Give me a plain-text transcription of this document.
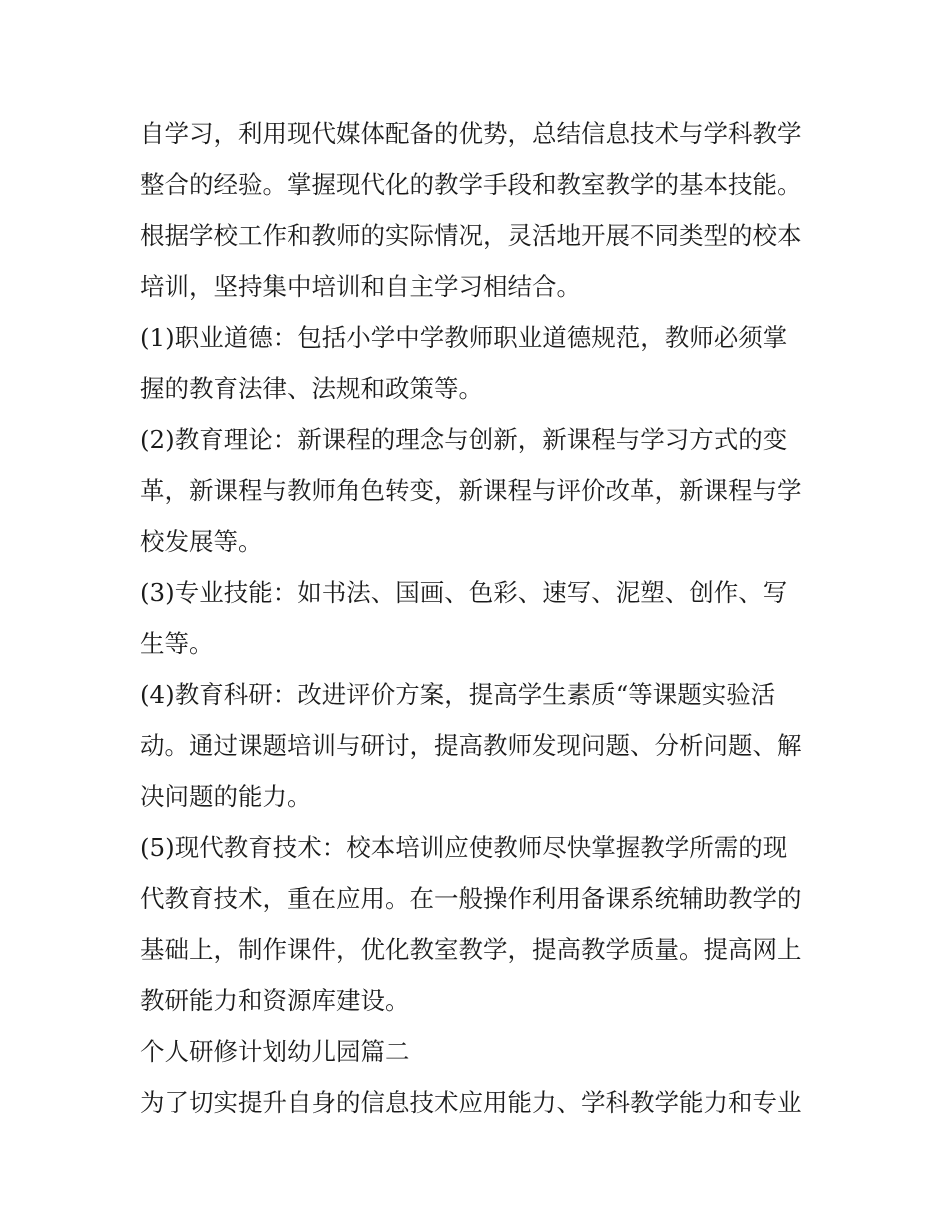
自学习，利用现代媒体配备的优势，总结信息技术与学科教学
整合的经验。掌握现代化的教学手段和教室教学的基本技能。
根据学校工作和教师的实际情况，灵活地开展不同类型的校本
培训，坚持集中培训和自主学习相结合。
(1)职业道德：包括小学中学教师职业道德规范，教师必须掌
握的教育法律、法规和政策等。
(2)教育理论：新课程的理念与创新，新课程与学习方式的变
革，新课程与教师角色转变，新课程与评价改革，新课程与学
校发展等。
(3)专业技能：如书法、国画、色彩、速写、泥塑、创作、写
生等。
(4)教育科研：改进评价方案，提高学生素质“等课题实验活
动。通过课题培训与研讨，提高教师发现问题、分析问题、解
决问题的能力。
(5)现代教育技术：校本培训应使教师尽快掌握教学所需的现
代教育技术，重在应用。在一般操作利用备课系统辅助教学的
基础上，制作课件，优化教室教学，提高教学质量。提高网上
教研能力和资源库建设。
个人研修计划幼儿园篇二
为了切实提升自身的信息技术应用能力、学科教学能力和专业
